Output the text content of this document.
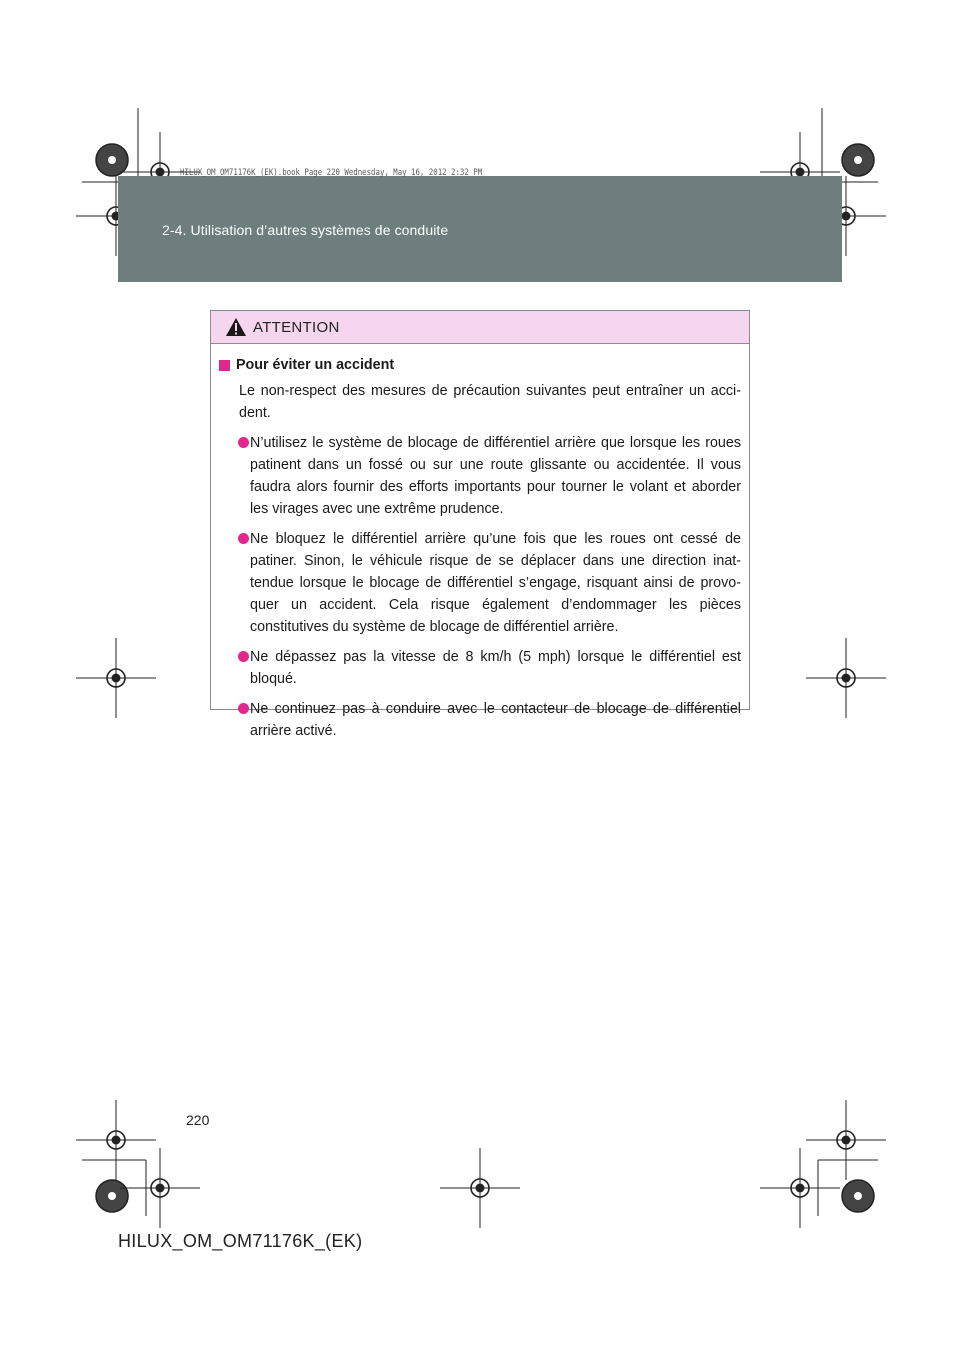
HILUX_OM_OM71176K_(EK).book Page 220 Wednesday, May 16, 2012 2:32 PM
2-4. Utilisation d’autres systèmes de conduite
ATTENTION
Pour éviter un accident
Le non-respect des mesures de précaution suivantes peut entraîner un acci-dent.
N’utilisez le système de blocage de différentiel arrière que lorsque les roues patinent dans un fossé ou sur une route glissante ou accidentée. Il vous faudra alors fournir des efforts importants pour tourner le volant et aborder les virages avec une extrême prudence.
Ne bloquez le différentiel arrière qu’une fois que les roues ont cessé de patiner. Sinon, le véhicule risque de se déplacer dans une direction inat-tendue lorsque le blocage de différentiel s’engage, risquant ainsi de provo-quer un accident. Cela risque également d’endommager les pièces constitutives du système de blocage de différentiel arrière.
Ne dépassez pas la vitesse de 8 km/h (5 mph) lorsque le différentiel est bloqué.
Ne continuez pas à conduire avec le contacteur de blocage de différentiel arrière activé.
220
HILUX_OM_OM71176K_(EK)
